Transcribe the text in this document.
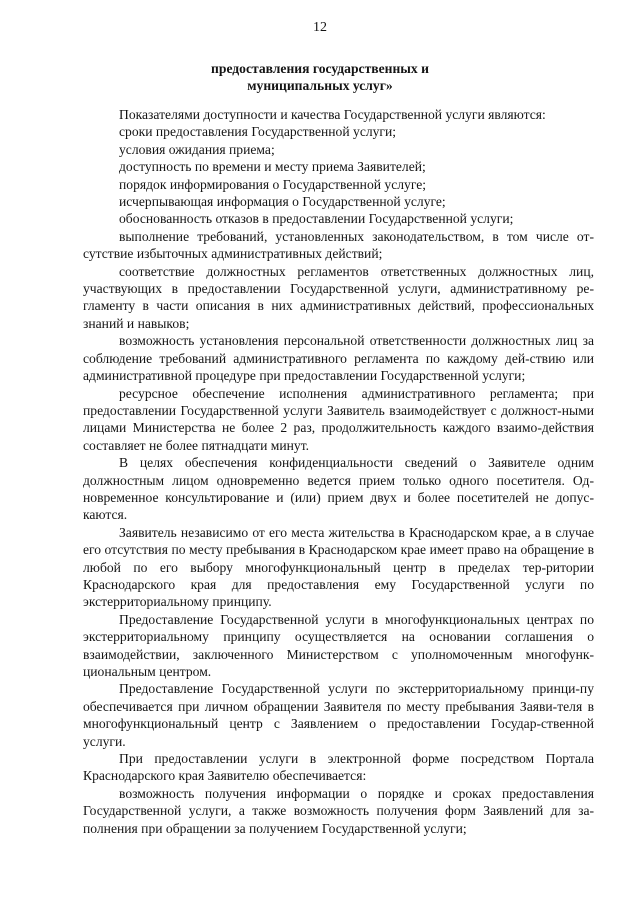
12
предоставления государственных и
муниципальных услуг»

Показателями доступности и качества Государственной услуги являются:

сроки предоставления Государственной услуги;

условия ожидания приема;

доступность по времени и месту приема Заявителей;

порядок информирования о Государственной услуге;

исчерпывающая информация о Государственной услуге;

обоснованность отказов в предоставлении Государственной услуги;

выполнение требований, установленных законодательством, в том числе от-сутствие избыточных административных действий;

соответствие должностных регламентов ответственных должностных лиц, участвующих в предоставлении Государственной услуги, административному ре-гламенту в части описания в них административных действий, профессиональных знаний и навыков;

возможность установления персональной ответственности должностных лиц за соблюдение требований административного регламента по каждому дей-ствию или административной процедуре при предоставлении Государственной услуги;

ресурсное обеспечение исполнения административного регламента; при предоставлении Государственной услуги Заявитель взаимодействует с должност-ными лицами Министерства не более 2 раз, продолжительность каждого взаимо-действия составляет не более пятнадцати минут.

В целях обеспечения конфиденциальности сведений о Заявителе одним должностным лицом одновременно ведется прием только одного посетителя. Од-новременное консультирование и (или) прием двух и более посетителей не допус-каются.

Заявитель независимо от его места жительства в Краснодарском крае, а в случае его отсутствия по месту пребывания в Краснодарском крае имеет право на обращение в любой по его выбору многофункциональный центр в пределах тер-ритории Краснодарского края для предоставления ему Государственной услуги по экстерриториальному принципу.

Предоставление Государственной услуги в многофункциональных центрах по экстерриториальному принципу осуществляется на основании соглашения о взаимодействии, заключенного Министерством с уполномоченным многофунк-циональным центром.

Предоставление Государственной услуги по экстерриториальному принци-пу обеспечивается при личном обращении Заявителя по месту пребывания Заяви-теля в многофункциональный центр с Заявлением о предоставлении Государ-ственной услуги.

При предоставлении услуги в электронной форме посредством Портала Краснодарского края Заявителю обеспечивается:

возможность получения информации о порядке и сроках предоставления Государственной услуги, а также возможность получения форм Заявлений для за-полнения при обращении за получением Государственной услуги;
